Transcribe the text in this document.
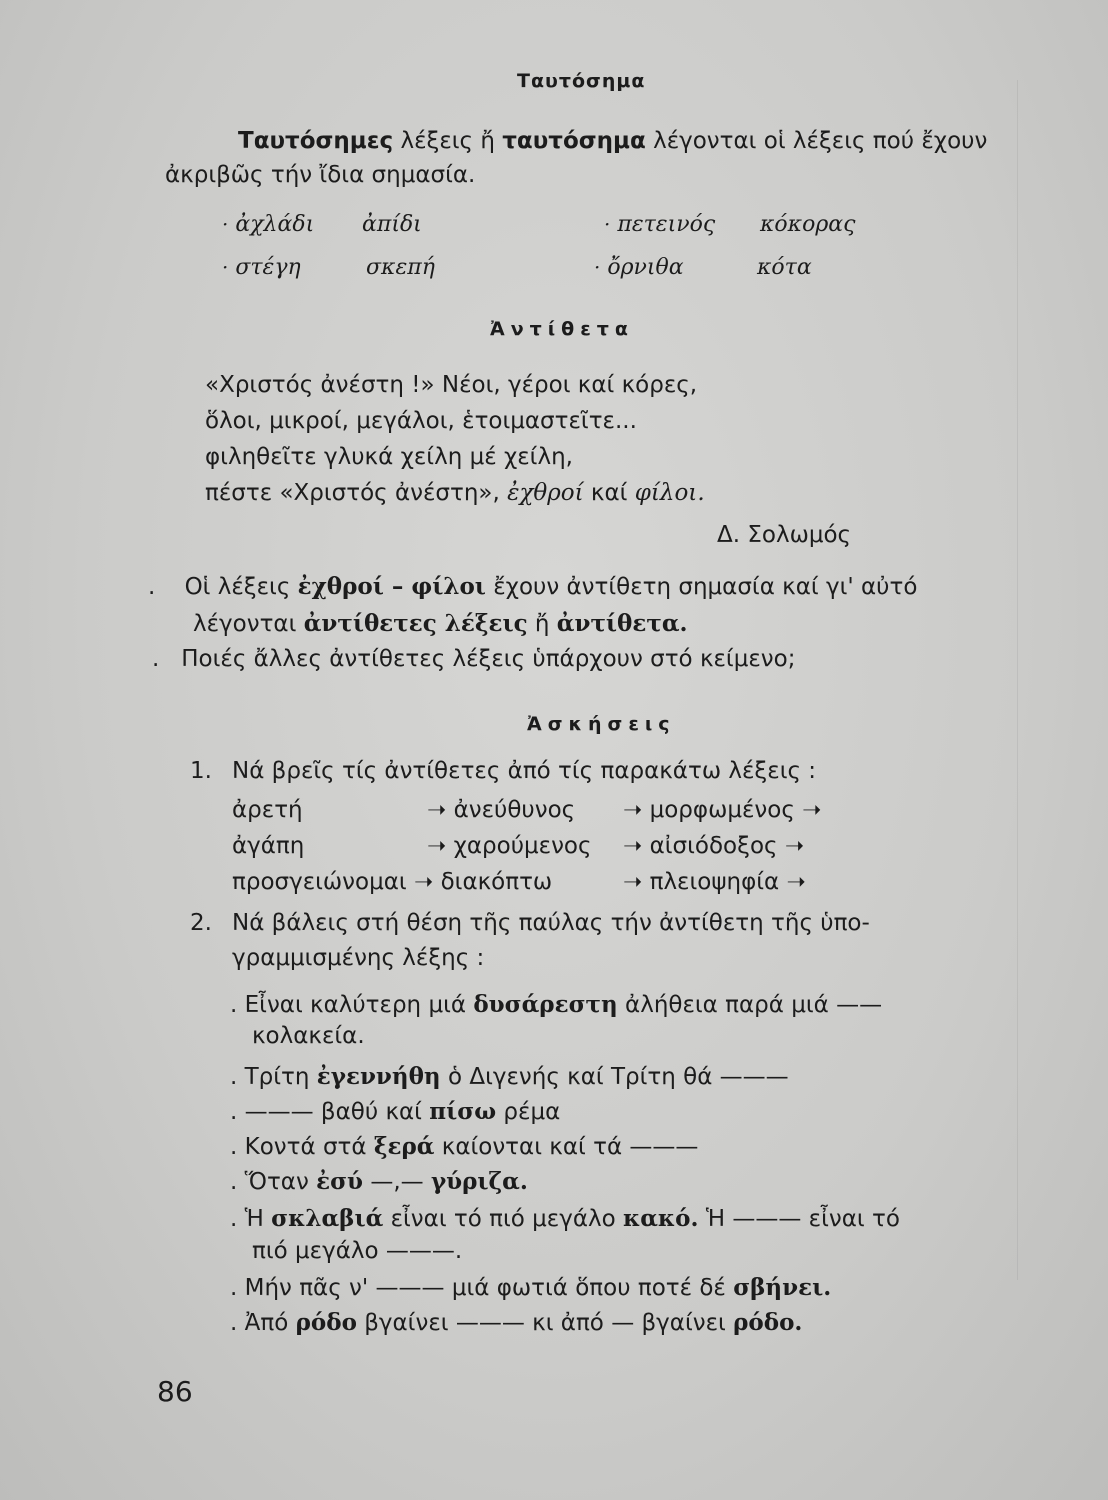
Ταυτόσημα
Ταυτόσημες λέξεις ἤ ταυτόσημα λέγονται οἱ λέξεις πού ἔχουν
ἀκριβῶς τήν ἴδια σημασία.
· ἀχλάδι ἀπίδι	· πετεινός κόκορας
· στέγη	σκεπή	· ὄρνιθα	κότα
Ἀντίθετα
«Χριστός ἀνέστη !» Νέοι, γέροι καί κόρες,
ὅλοι, μικροί, μεγάλοι, ἑτοιμαστεῖτε...
φιληθεῖτε γλυκά χείλη μέ χείλη,
πέστε «Χριστός ἀνέστη», ἐχθροί καί φίλοι.
Δ. Σολωμός
. Οἱ λέξεις ἐχθροί – φίλοι ἔχουν ἀντίθετη σημασία καί γι' αὐτό
λέγονται ἀντίθετες λέξεις ἤ ἀντίθετα.
. Ποιές ἄλλες ἀντίθετες λέξεις ὑπάρχουν στό κείμενο;
Ἀσκήσεις
1. Νά βρεῖς τίς ἀντίθετες ἀπό τίς παρακάτω λέξεις :
ἀρετή	➝ ἀνεύθυνος ➝ μορφωμένος ➝
ἀγάπη	➝ χαρούμενος ➝ αἰσιόδοξος ➝
προσγειώνομαι ➝ διακόπτω	➝ πλειοψηφία ➝
2. Νά βάλεις στή θέση τῆς παύλας τήν ἀντίθετη τῆς ὑπο-
γραμμισμένης λέξης :
. Εἶναι καλύτερη μιά δυσάρεστη ἀλήθεια παρά μιά ——
κολακεία.
. Τρίτη ἐγεννήθη ὁ Διγενής καί Τρίτη θά ———
. ——— βαθύ καί πίσω ρέμα
. Κοντά στά ξερά καίονται καί τά ———
. Ὅταν ἐσύ —,— γύριζα.
. Ἡ σκλαβιά εἶναι τό πιό μεγάλο κακό. Ἡ ——— εἶναι τό
πιό μεγάλο ———.
. Μήν πᾶς ν' ——— μιά φωτιά ὅπου ποτέ δέ σβήνει.
. Ἀπό ρόδο βγαίνει ——— κι ἀπό — βγαίνει ρόδο.
86
